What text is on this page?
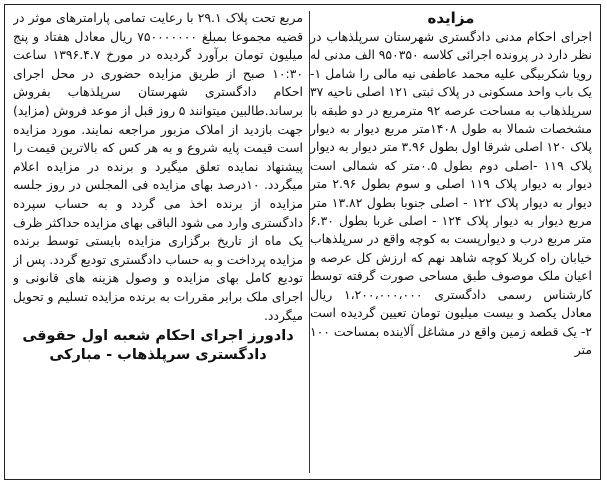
مزایده

اجرای احکام مدنی دادگستری شهرستان سرپلذهاب در نظر دارد در پرونده اجرائی کلاسه ۹۵۰۳۵۰ الف مدنی له رویا شکربیگی علیه محمد عاطفی نیه مالی را شامل ۱-یک باب واحد مسکونی در پلاک ثبتی ۱۲۱ اصلی ناحیه ۳۷ سرپلذهاب به مساحت عرصه ۹۲ مترمربع در دو طبقه با مشخصات شمالا به طول ۱۴۰۸متر مربع دیوار به دیوار پلاک ۱۲۰ اصلی شرقا اول بطول ۳.۹۶ متر دیوار به دیوار پلاک ۱۱۹ -اصلی دوم بطول ۰.۵متر که شمالی است دیوار به دیوار پلاک ۱۱۹ اصلی و سوم بطول ۲.۹۶ متر دیوار به دیوار پلاک ۱۲۲ - اصلی جنوبا بطول ۱۳.۸۲ متر مربع دیوار به دیوار پلاک ۱۲۴ - اصلی غربا بطول ۶.۳۰ متر مربع درب و دیوارپست به کوچه واقع در سرپلذهاب خیابان راه کربلا کوچه شاهد نهم که ارزش کل عرصه و اعیان ملک موصوف طبق مساحی صورت گرفته توسط کارشناس رسمی دادگستری ۱،۲۰۰،۰۰۰،۰۰۰ ریال معادل یکصد و بیست میلیون تومان تعیین گردیده است ۲- یک قطعه زمین واقع در مشاغل آلاینده بمساحت ۱۰۰ متر

مربع تحت پلاک ۲۹.۱ با رعایت تمامی پارامترهای موثر در قضیه مجموعا بمبلغ ۷۵۰۰۰۰۰۰۰ ریال معادل هفتاد و پنج میلیون تومان برآورد گردیده در مورخ ۱۳۹۶.۴.۷ ساعت ۱۰:۳۰ صبح از طریق مزایده حضوری در محل اجرای احکام دادگستری شهرستان سرپلذهاب بفروش برساند.طالبین میتوانند ۵ روز قبل از موعد فروش (مزاید) جهت بازدید از املاک مزبور مراجعه نمایند. مورد مزایده است قیمت پایه شروع و به هر کس که بالاترین قیمت را پیشنهاد نمایده تعلق میگیرد و برنده در مزایده اعلام میگردد. ۱۰درصد بهای مزایده فی المجلس در روز جلسه مزایده از برنده اخذ می گردد و به حساب سپرده دادگستری وارد می شود الباقی بهای مزایده حداکثر ظرف یک ماه از تاریخ برگزاری مزایده بایستی توسط برنده مزایده پرداخت و به حساب دادگستری تودیع گردد. پس از تودیع کامل بهای مزایده و وصول هزینه های قانونی و اجرای ملک برابر مقررات به برنده مزایده تسلیم و تحویل میگردد.

دادورز اجرای احکام شعبه اول حقوقی
دادگستری سرپلذهاب - مبارکی
